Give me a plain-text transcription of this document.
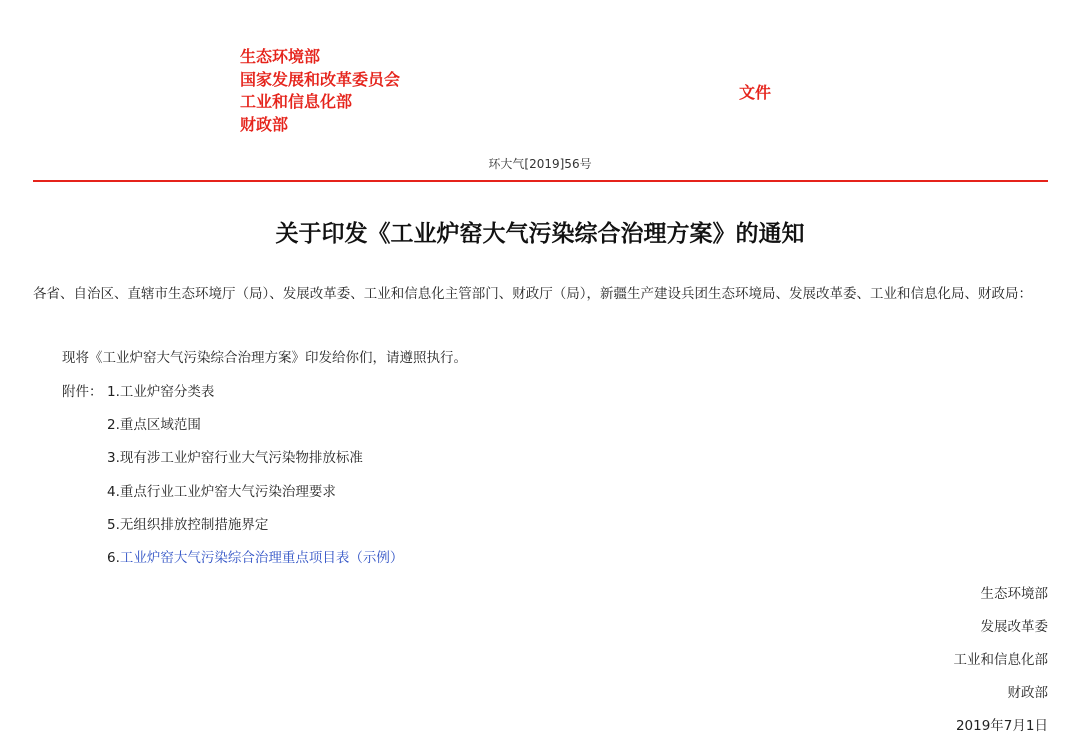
生态环境部
国家发展和改革委员会
工业和信息化部
财政部
文件
环大气[2019]56号
关于印发《工业炉窑大气污染综合治理方案》的通知
各省、自治区、直辖市生态环境厅（局）、发展改革委、工业和信息化主管部门、财政厅（局），新疆生产建设兵团生态环境局、发展改革委、工业和信息化局、财政局：
现将《工业炉窑大气污染综合治理方案》印发给你们，请遵照执行。
附件： 1.工业炉窑分类表
2.重点区域范围
3.现有涉工业炉窑行业大气污染物排放标准
4.重点行业工业炉窑大气污染治理要求
5.无组织排放控制措施界定
6.工业炉窑大气污染综合治理重点项目表（示例）
生态环境部
发展改革委
工业和信息化部
财政部
2019年7月1日
